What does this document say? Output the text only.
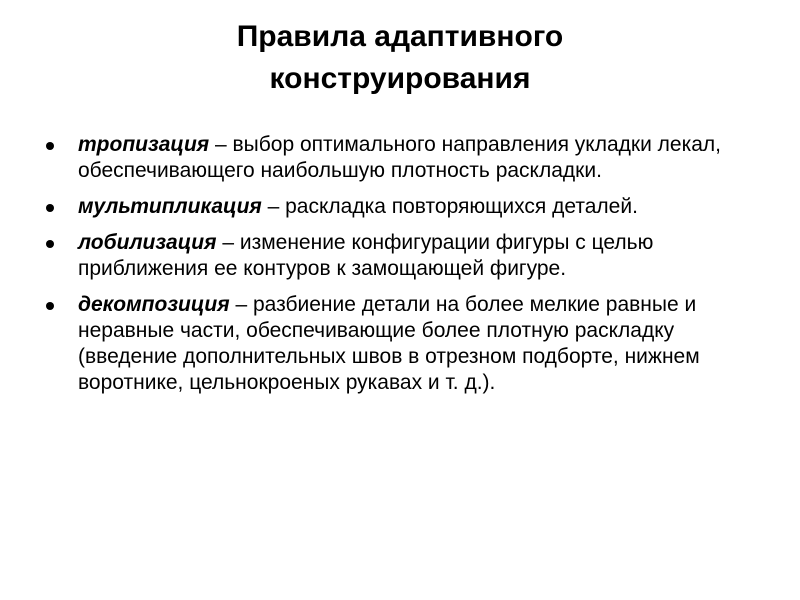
Правила адаптивного
конструирования
тропизация – выбор оптимального направления укладки лекал, обеспечивающего наибольшую плотность раскладки.
мультипликация – раскладка повторяющихся деталей.
лобилизация – изменение конфигурации фигуры с целью приближения ее контуров к замощающей фигуре.
декомпозиция – разбиение детали на более мелкие равные и неравные части, обеспечивающие более плотную раскладку (введение дополнительных швов в отрезном подборте, нижнем воротнике, цельнокроеных рукавах и т. д.).
